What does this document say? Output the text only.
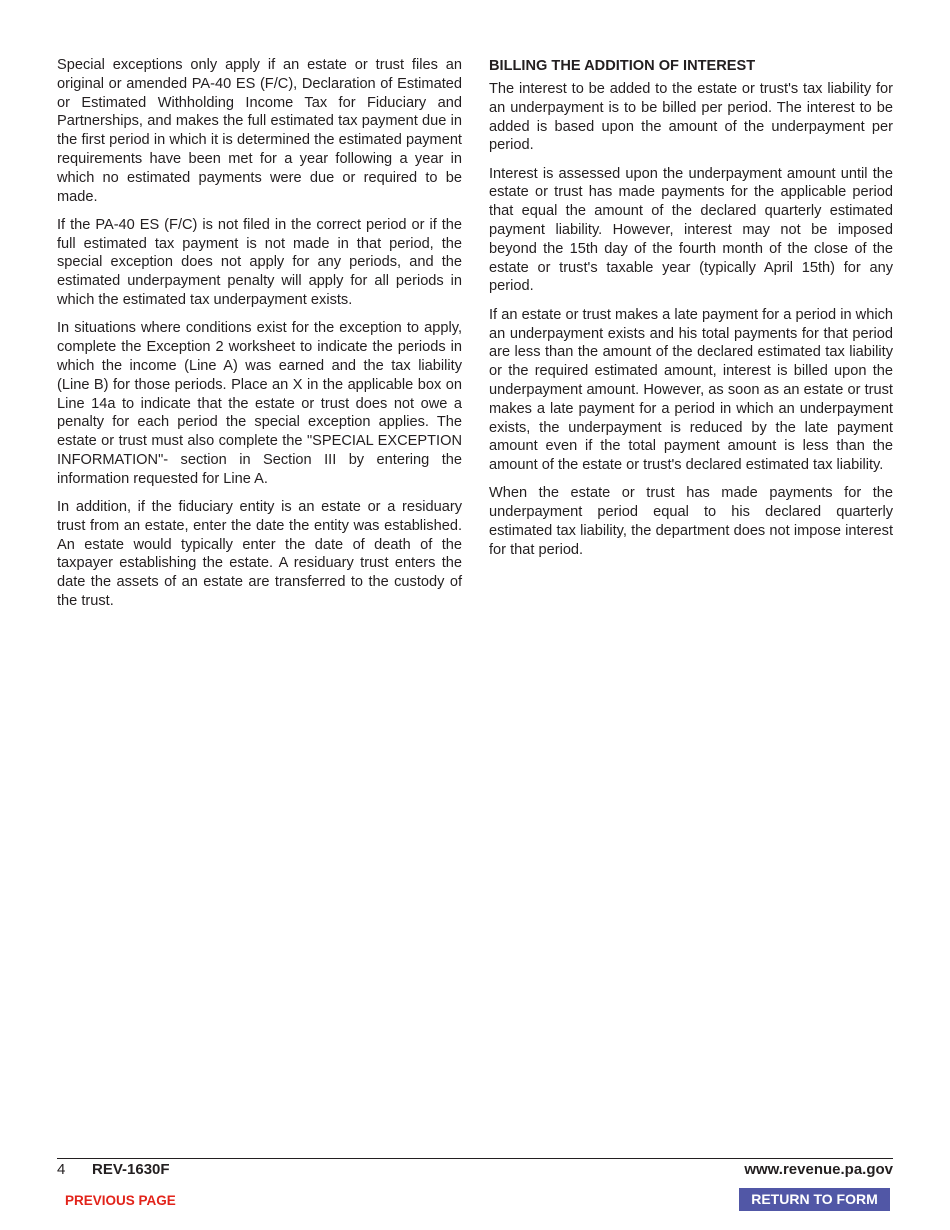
Special exceptions only apply if an estate or trust files an original or amended PA-40 ES (F/C), Declaration of Estimated or Estimated Withholding Income Tax for Fiduciary and Partnerships, and makes the full estimated tax payment due in the first period in which it is determined the estimated payment requirements have been met for a year following a year in which no estimated payments were due or required to be made.

If the PA-40 ES (F/C) is not filed in the correct period or if the full estimated tax payment is not made in that period, the special exception does not apply for any periods, and the estimated underpayment penalty will apply for all periods in which the estimated tax underpayment exists.

In situations where conditions exist for the exception to apply, complete the Exception 2 worksheet to indicate the periods in which the income (Line A) was earned and the tax liability (Line B) for those periods. Place an X in the applicable box on Line 14a to indicate that the estate or trust does not owe a penalty for each period the special exception applies. The estate or trust must also complete the "SPECIAL EXCEPTION INFORMATION"- section in Section III by entering the information requested for Line A.

In addition, if the fiduciary entity is an estate or a residuary trust from an estate, enter the date the entity was established. An estate would typically enter the date of death of the taxpayer establishing the estate. A residuary trust enters the date the assets of an estate are transferred to the custody of the trust.

BILLING THE ADDITION OF INTEREST

The interest to be added to the estate or trust's tax liability for an underpayment is to be billed per period. The interest to be added is based upon the amount of the underpayment per period.

Interest is assessed upon the underpayment amount until the estate or trust has made payments for the applicable period that equal the amount of the declared quarterly estimated payment liability. However, interest may not be imposed beyond the 15th day of the fourth month of the close of the estate or trust's taxable year (typically April 15th) for any period.

If an estate or trust makes a late payment for a period in which an underpayment exists and his total payments for that period are less than the amount of the declared estimated tax liability or the required estimated amount, interest is billed upon the underpayment amount. However, as soon as an estate or trust makes a late payment for a period in which an underpayment exists, the underpayment is reduced by the late payment amount even if the total payment amount is less than the amount of the estate or trust's declared estimated tax liability.

When the estate or trust has made payments for the underpayment period equal to his declared quarterly estimated tax liability, the department does not impose interest for that period.

4 REV-1630F	www.revenue.pa.gov
PREVIOUS PAGE	RETURN TO FORM
